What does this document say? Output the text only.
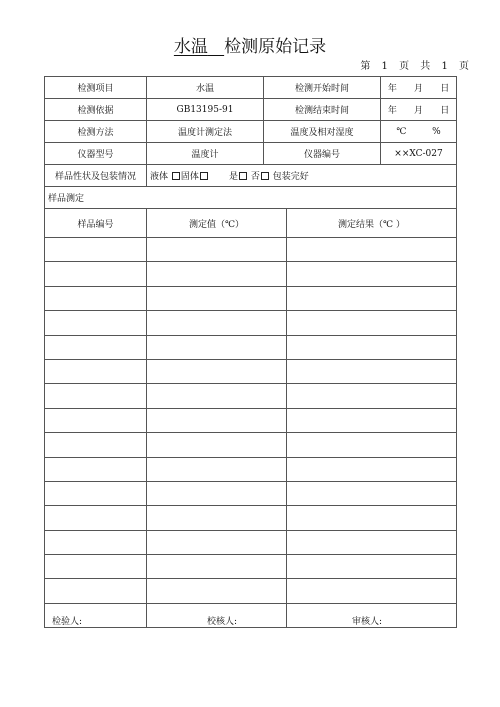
水温 检测原始记录
第 1 页 共 1 页
检测项目	水温	检测开始时间		年 月 日
检测依据	GB13195-91	检测结束时间		年 月 日
检测方法	温度计测定法	温度及相对湿度		℃ %
仪器型号	温度计	仪器编号		××XC-027
样品性状及包装情况	液体 固体 是 否 包装完好			
样品测定				
样品编号	测定值（℃）		测定结果（℃ ）	

检验人:	校核人:	审核人:
